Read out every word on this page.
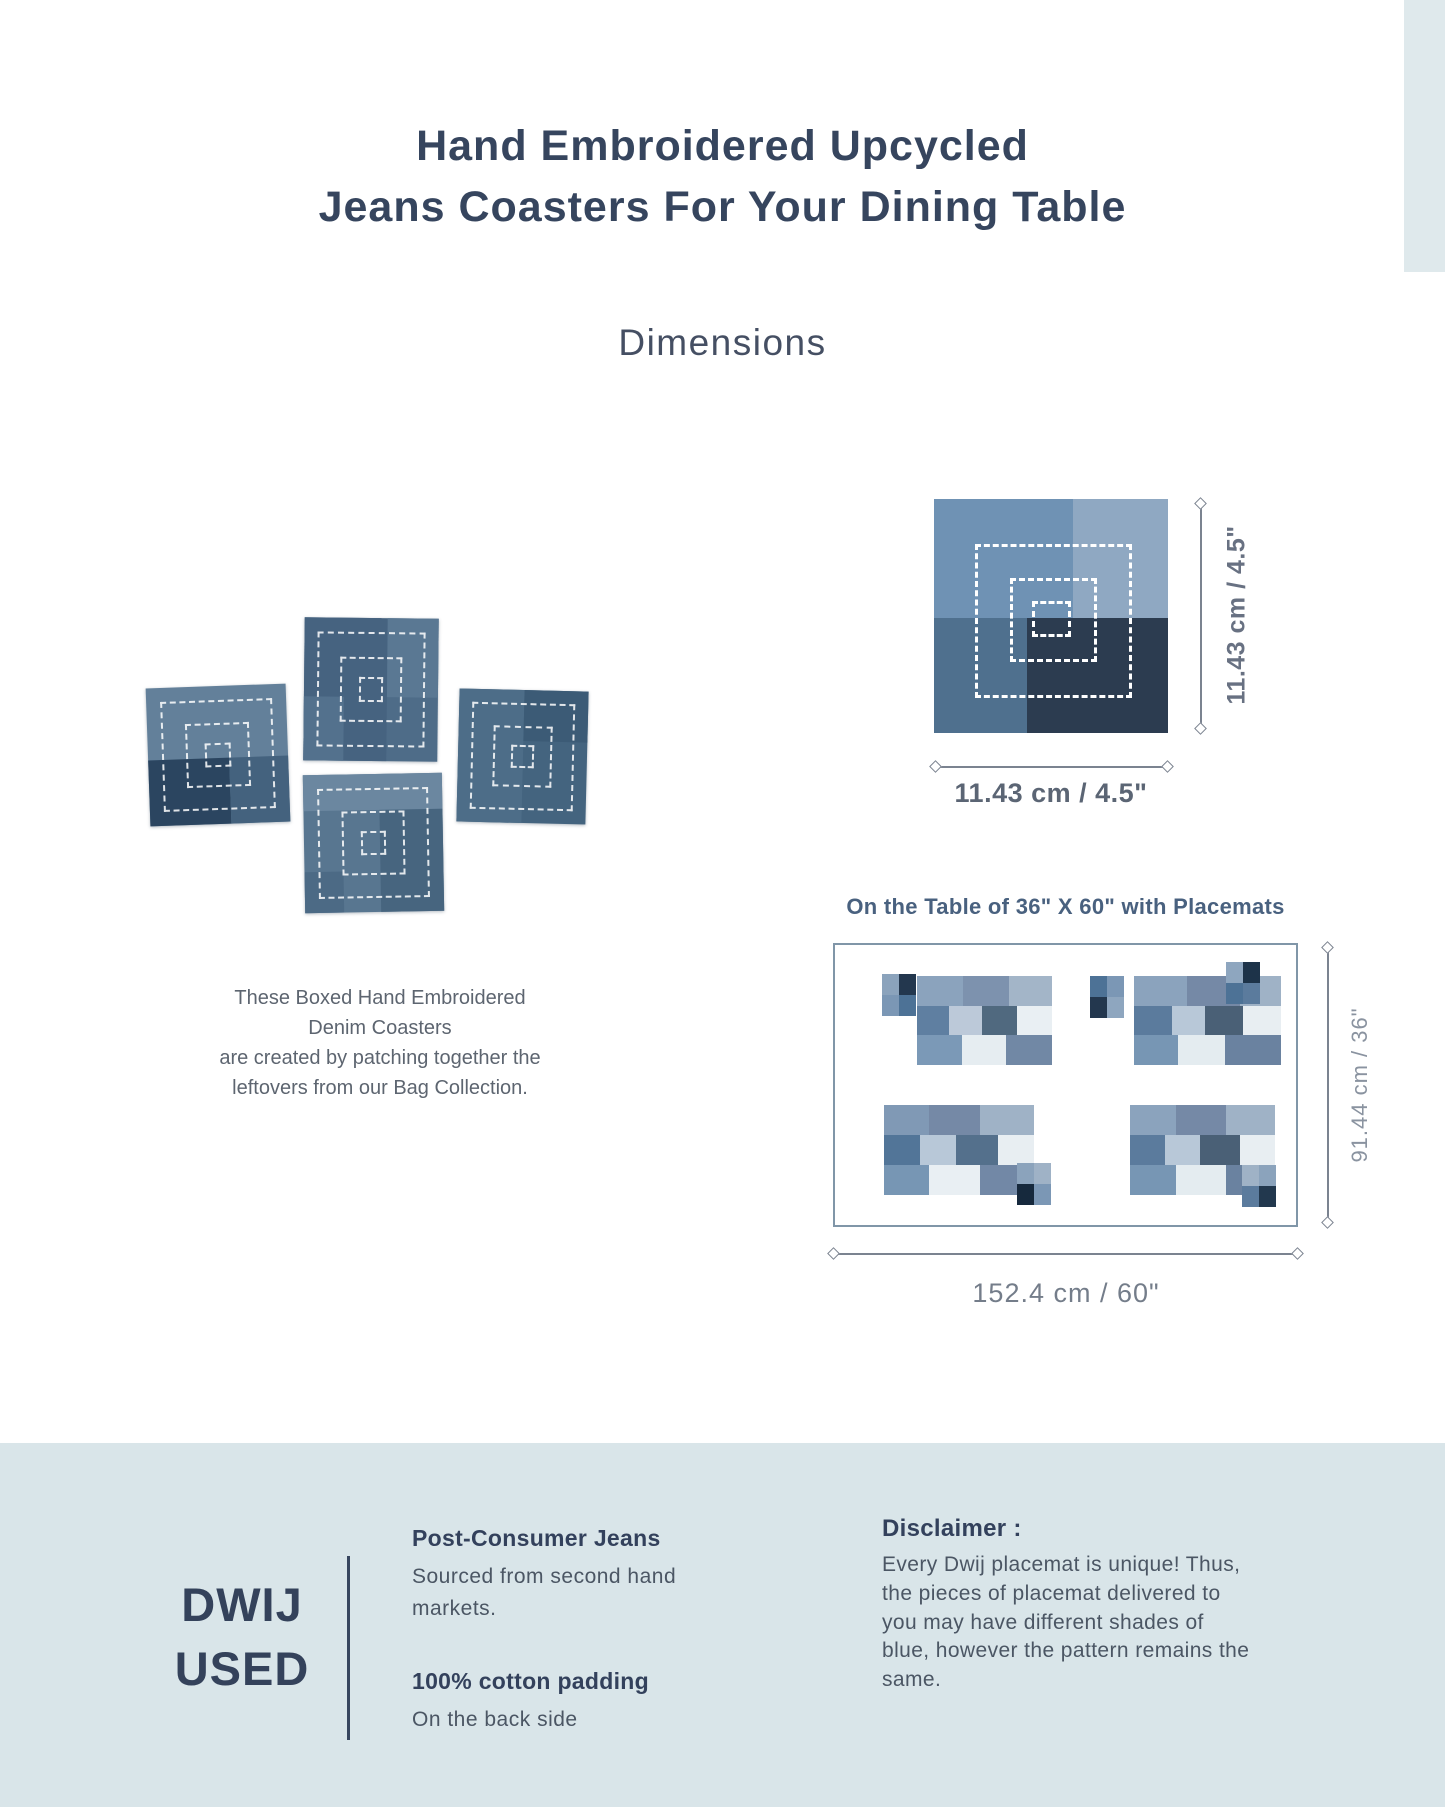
Hand Embroidered Upcycled
Jeans Coasters For Your Dining Table
Dimensions
These Boxed Hand Embroidered
Denim Coasters
are created by patching together the
leftovers from our Bag Collection.
11.43 cm / 4.5"
11.43 cm / 4.5"
On the Table of 36" X 60" with Placemats
91.44 cm / 36"
152.4 cm / 60"
DWIJ
USED
Post-Consumer Jeans

Sourced from second hand markets.

100% cotton padding

On the back side

Disclaimer :

Every Dwij placemat is unique! Thus, the pieces of placemat delivered to you may have different shades of blue, however the pattern remains the same.
